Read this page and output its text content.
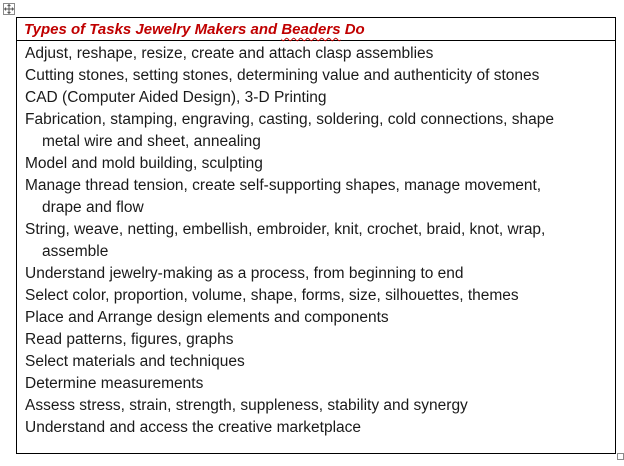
Types of Tasks Jewelry Makers and Beaders Do
Adjust, reshape, resize, create and attach clasp assemblies
Cutting stones, setting stones, determining value and authenticity of stones
CAD (Computer Aided Design), 3-D Printing
Fabrication, stamping, engraving, casting, soldering, cold connections, shape
metal wire and sheet, annealing
Model and mold building, sculpting
Manage thread tension, create self-supporting shapes, manage movement,
drape and flow
String, weave, netting, embellish, embroider, knit, crochet, braid, knot, wrap,
assemble
Understand jewelry-making as a process, from beginning to end
Select color, proportion, volume, shape, forms, size, silhouettes, themes
Place and Arrange design elements and components
Read patterns, figures, graphs
Select materials and techniques
Determine measurements
Assess stress, strain, strength, suppleness, stability and synergy
Understand and access the creative marketplace
